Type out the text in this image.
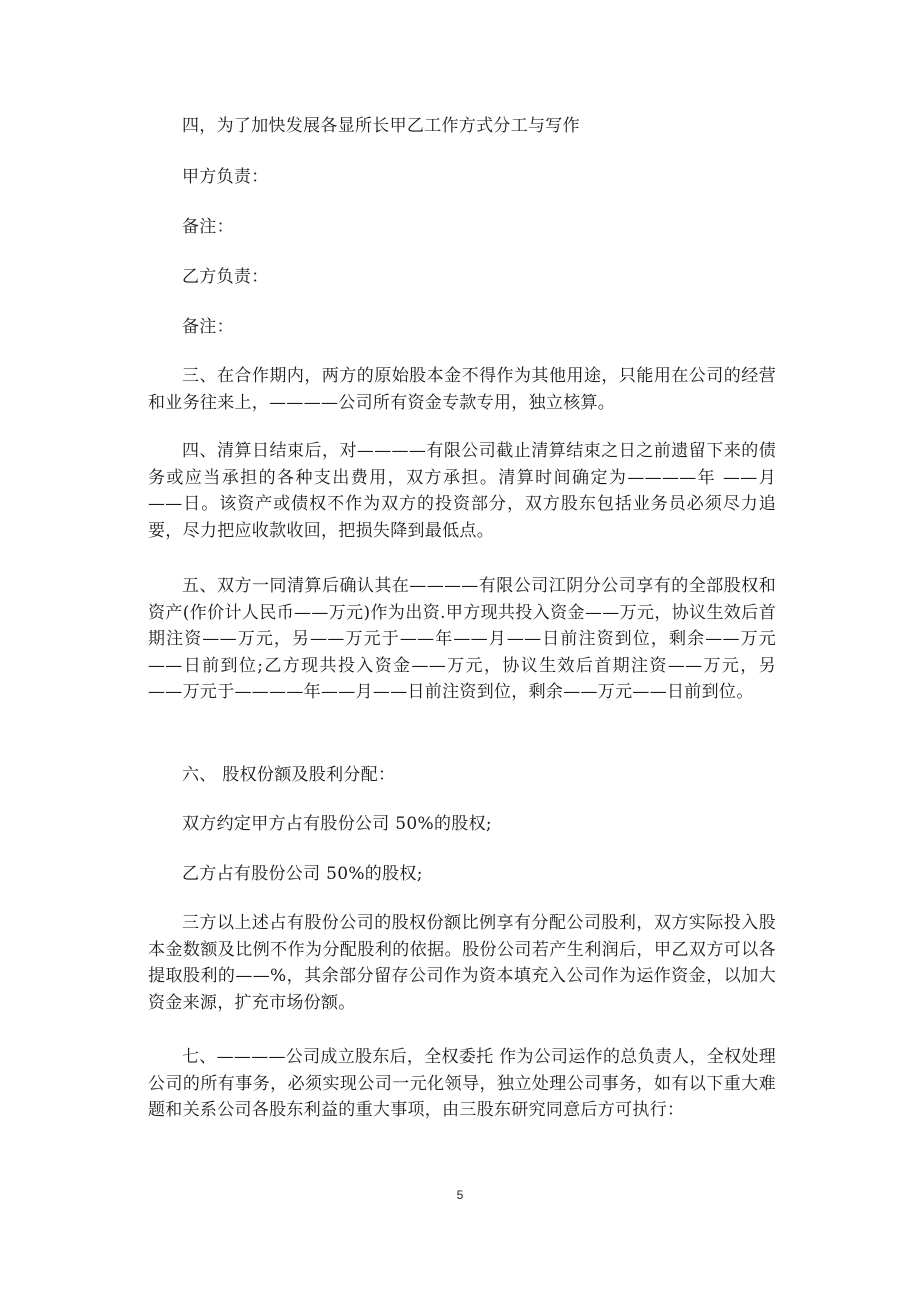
四，为了加快发展各显所长甲乙工作方式分工与写作

甲方负责：

备注：

乙方负责：

备注：

三、在合作期内，两方的原始股本金不得作为其他用途，只能用在公司的经营和业务往来上，————公司所有资金专款专用，独立核算。

四、清算日结束后，对————有限公司截止清算结束之日之前遗留下来的债务或应当承担的各种支出费用，双方承担。清算时间确定为————年 ——月——日。该资产或债权不作为双方的投资部分，双方股东包括业务员必须尽力追要，尽力把应收款收回，把损失降到最低点。

五、双方一同清算后确认其在————有限公司江阴分公司享有的全部股权和资产(作价计人民币——万元)作为出资.甲方现共投入资金——万元，协议生效后首期注资——万元，另——万元于——年——月——日前注资到位，剩余——万元——日前到位;乙方现共投入资金——万元，协议生效后首期注资——万元，另——万元于————年——月——日前注资到位，剩余——万元——日前到位。

六、 股权份额及股利分配：

双方约定甲方占有股份公司 50%的股权;

乙方占有股份公司 50%的股权;

三方以上述占有股份公司的股权份额比例享有分配公司股利，双方实际投入股本金数额及比例不作为分配股利的依据。股份公司若产生利润后，甲乙双方可以各提取股利的——%，其余部分留存公司作为资本填充入公司作为运作资金，以加大资金来源，扩充市场份额。

七、————公司成立股东后，全权委托 作为公司运作的总负责人，全权处理公司的所有事务，必须实现公司一元化领导，独立处理公司事务，如有以下重大难题和关系公司各股东利益的重大事项，由三股东研究同意后方可执行：

5
